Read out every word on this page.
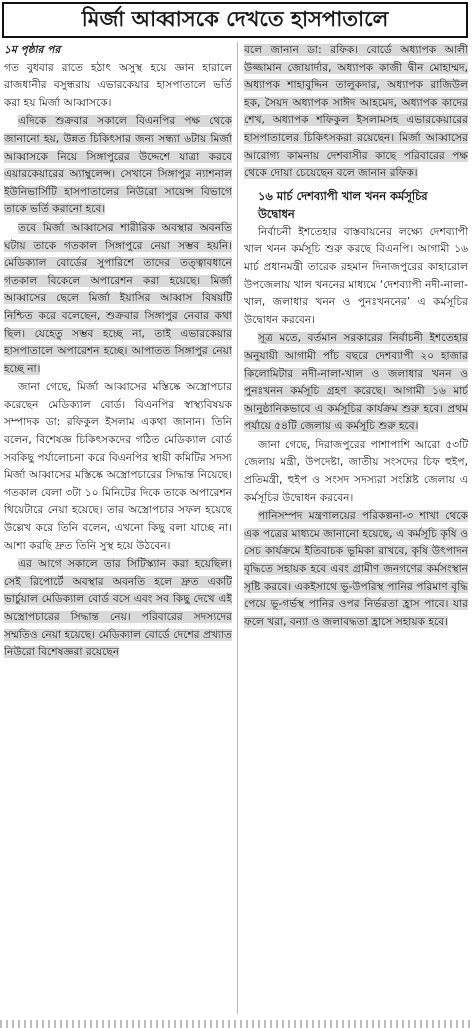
মির্জা আব্বাসকে দেখতে হাসপাতালে

১ম পৃষ্ঠার পর

গত বুধবার রাতে হঠাৎ অসুস্থ হয়ে জ্ঞান হারালে রাজধানীর বসুন্ধরায় এভারকেয়ার হাসপাতালে ভর্তি করা হয় মির্জা আব্বাসকে।

এদিকে শুক্রবার সকালে বিএনপির পক্ষ থেকে জানানো হয়, উন্নত চিকিৎসার জন্য সন্ধ্যা ৬টায় মির্জা আব্বাসকে নিয়ে সিঙ্গাপুরের উদ্দেশে যাত্রা করবে এয়ারকেয়ারের অ্যাম্বুলেন্স। সেখানে সিঙ্গাপুর ন্যাশনাল ইউনিভার্সিটি হাসপাতালের নিউরো সায়েন্স বিভাগে তাকে ভর্তি করানো হবে।

তবে মির্জা আব্বাসের শারীরিক অবস্থার অবনতি ঘটায় তাকে গতকাল সিঙ্গাপুরে নেয়া সম্ভব হয়নি। মেডিক্যাল বোর্ডের সুপারিশে তাদের তত্ত্বাবধানে গতকাল বিকেলে অপারেশন করা হয়েছে। মির্জা আব্বাসের ছেলে মির্জা ইয়াসির আব্বাস বিষয়টি নিশ্চিত করে বলেছেন, শুক্রবার সিঙ্গাপুর নেবার কথা ছিল। যেহেতু সম্ভব হচ্ছে না, তাই এভারকেয়ার হাসপাতালে অপারেশন হচ্ছে। আপাতত সিঙ্গাপুর নেয়া হচ্ছে না।

জানা গেছে, মির্জা আব্বাসের মস্তিষ্কে অস্ত্রোপচার করেছেন মেডিক্যাল বোর্ড। বিএনপির স্বাস্থ্যবিষয়ক সম্পাদক ডা: রফিকুল ইসলাম একথা জানান। তিনি বলেন, বিশেষজ্ঞ চিকিৎসকদের গঠিত মেডিক্যাল বোর্ড সবকিছু পর্যালোচনা করে বিএনপির স্থায়ী কমিটির সদস্য মির্জা আব্বাসের মস্তিষ্কে অস্ত্রোপচারের সিদ্ধান্ত নিয়েছে। গতকাল বেলা ৩টা ১০ মিনিটের দিকে তাকে অপারেশন থিয়েটারে নেয়া হয়েছে। তার অস্ত্রোপচার সফল হয়েছে উল্লেখ করে তিনি বলেন, এখনো কিছু বলা যাচ্ছে না। আশা করছি দ্রুত তিনি সুস্থ হয়ে উঠবেন।

এর আগে সকালে তার সিটিস্ক্যান করা হয়েছিল। সেই রিপোর্টে অবস্থার অবনতি হলে দ্রুত একটি ভার্চুয়াল মেডিক্যাল বোর্ড বসে এবং সব কিছু দেখে এই অস্ত্রোপচারের সিদ্ধান্ত নেয়। পরিবারের সদস্যদের সম্মতিও নেয়া হয়েছে। মেডিক্যাল বোর্ডে দেশের প্রখ্যাত নিউরো বিশেষজ্ঞরা রয়েছেন

বলে জানান ডা: রফিক। বোর্ডে অধ্যাপক আলী উজ্জামান জোয়ার্দার, অধ্যাপক কাজী দ্বীন মোহাম্মদ, অধ্যাপক শাহাবুদ্দিন তালুকদার, অধ্যাপক রাজিউল হক, সৈয়দ অধ্যাপক সাঈদ আহমেদ, অধ্যাপক কাদের শেখ, অধ্যাপক শফিকুল ইসলামসহ এভারকেয়ারের হাসপাতালের চিকিৎসকরা রয়েছেন। মির্জা আব্বাসের আরোগ্য কামনায় দেশবাসীর কাছে পরিবারের পক্ষ থেকে দোয়া চেয়েছেন বলে জানান রফিক।

১৬ মার্চ দেশব্যাপী খাল খনন কর্মসূচির উদ্বোধন

নির্বাচনী ইশতেহার বাস্তবায়নের লক্ষ্যে দেশব্যাপী খাল খনন কর্মসূচি শুরু করছে বিএনপি। আগামী ১৬ মার্চ প্রধানমন্ত্রী তারেক রহমান দিনাজপুরের কাহারোল উপজেলায় খাল খননের মাধ্যমে ‘দেশব্যাপী নদী-নালা-খাল, জলাধার খনন ও পুনঃখননের’ এ কর্মসূচির উদ্বোধন করবেন।

সূত্র মতে, বর্তমান সরকারের নির্বাচনী ইশতেহার অনুযায়ী আগামী পাঁচ বছরে দেশব্যাপী ২০ হাজার কিলোমিটার নদী-নালা-খাল ও জলাধার খনন ও পুনঃখনন কর্মসূচি গ্রহণ করেছে। আগামী ১৬ মার্চ আনুষ্ঠানিকভাবে এ কর্মসূচির কার্যক্রম শুরু হবে। প্রথম পর্যায়ে ৫৪টি জেলায় এ কর্মসূচি শুরু হবে।

জানা গেছে, দিরাজপুরের পাশাপাশি আরো ৫৩টি জেলায় মন্ত্রী, উপদেষ্টা, জাতীয় সংসদের চিফ হুইপ, প্রতিমন্ত্রী, হুইপ ও সংসদ সদস্যরা সংশ্লিষ্ট জেলায় এ কর্মসূচির উদ্বোধন করবেন।

পানিসম্পদ মন্ত্রণালয়ের পরিকল্পনা-৩ শাখা থেকে এক পত্রের মাধ্যমে জানানো হয়েছে, এ কর্মসূচি কৃষি ও সেচ কার্যক্রমে ইতিবাচক ভূমিকা রাখবে, কৃষি উৎপাদন বৃদ্ধিতে সহায়ক হবে এবং গ্রামীণ জনগণের কর্মসংস্থান সৃষ্টি করবে। একইসাথে ভূ-উপরিস্থ পানির পরিমাণ বৃদ্ধি পেয়ে ভূ-গর্ভস্থ পানির ওপর নির্ভরতা হ্রাস পাবে। যার ফলে খরা, বন্যা ও জলাবদ্ধতা হ্রাসে সহায়ক হবে।
